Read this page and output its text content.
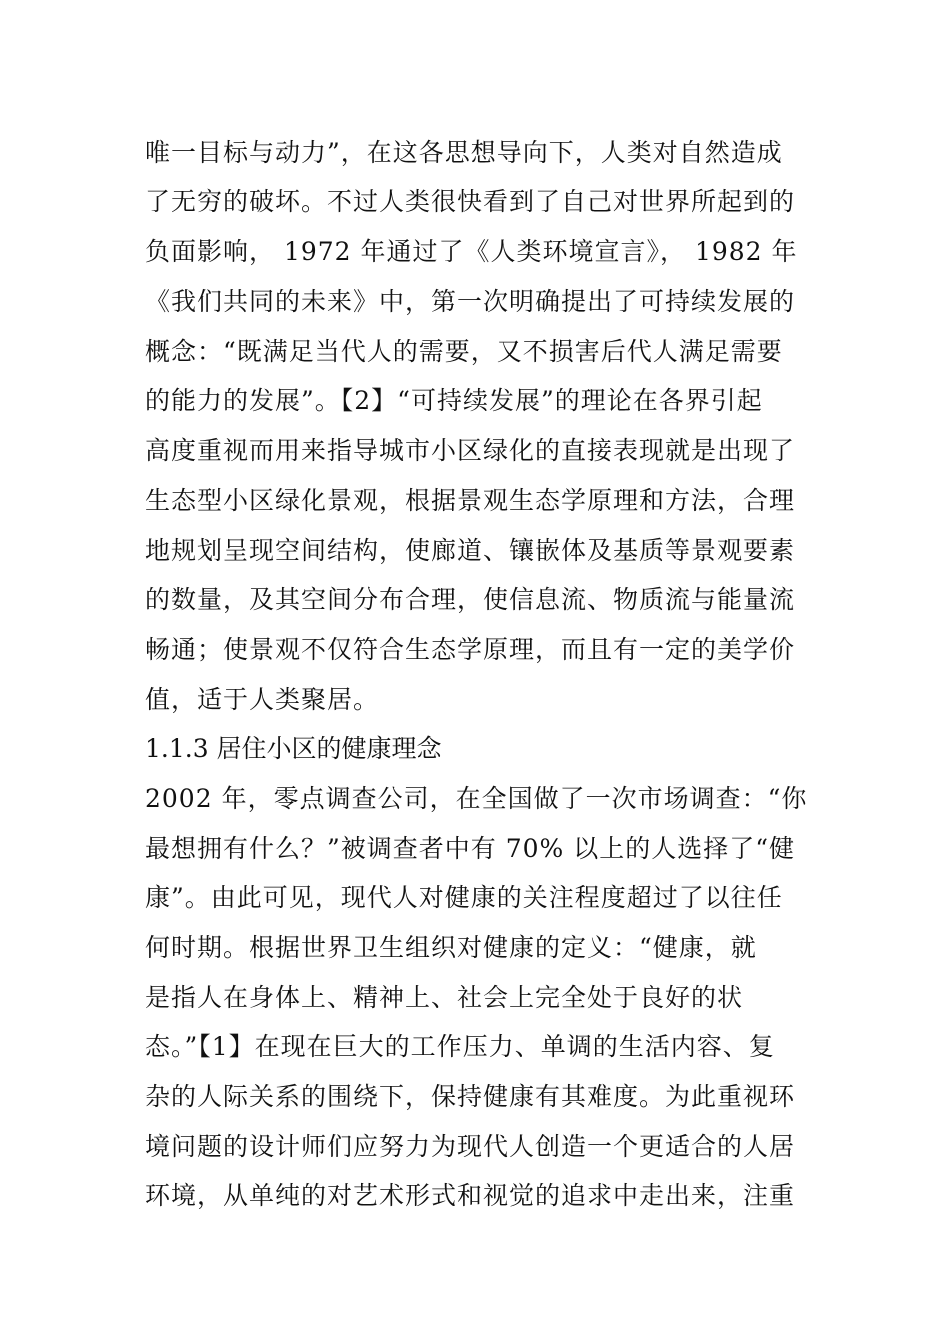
唯一目标与动力”，在这各思想导向下，人类对自然造成
了无穷的破坏。不过人类很快看到了自己对世界所起到的
负面影响， 1972 年通过了《人类环境宣言》， 1982 年
《我们共同的未来》中，第一次明确提出了可持续发展的
概念：“既满足当代人的需要，又不损害后代人满足需要
的能力的发展”。【2】“可持续发展”的理论在各界引起
高度重视而用来指导城市小区绿化的直接表现就是出现了
生态型小区绿化景观，根据景观生态学原理和方法，合理
地规划呈现空间结构，使廊道、镶嵌体及基质等景观要素
的数量，及其空间分布合理，使信息流、物质流与能量流
畅通；使景观不仅符合生态学原理，而且有一定的美学价
值，适于人类聚居。
1.1.3 居住小区的健康理念
2002 年，零点调查公司，在全国做了一次市场调查：“你
最想拥有什么？”被调查者中有 70% 以上的人选择了“健
康”。由此可见，现代人对健康的关注程度超过了以往任
何时期。根据世界卫生组织对健康的定义：“健康，就
是指人在身体上、精神上、社会上完全处于良好的状
态。”【1】在现在巨大的工作压力、单调的生活内容、复
杂的人际关系的围绕下，保持健康有其难度。为此重视环
境问题的设计师们应努力为现代人创造一个更适合的人居
环境，从单纯的对艺术形式和视觉的追求中走出来，注重
